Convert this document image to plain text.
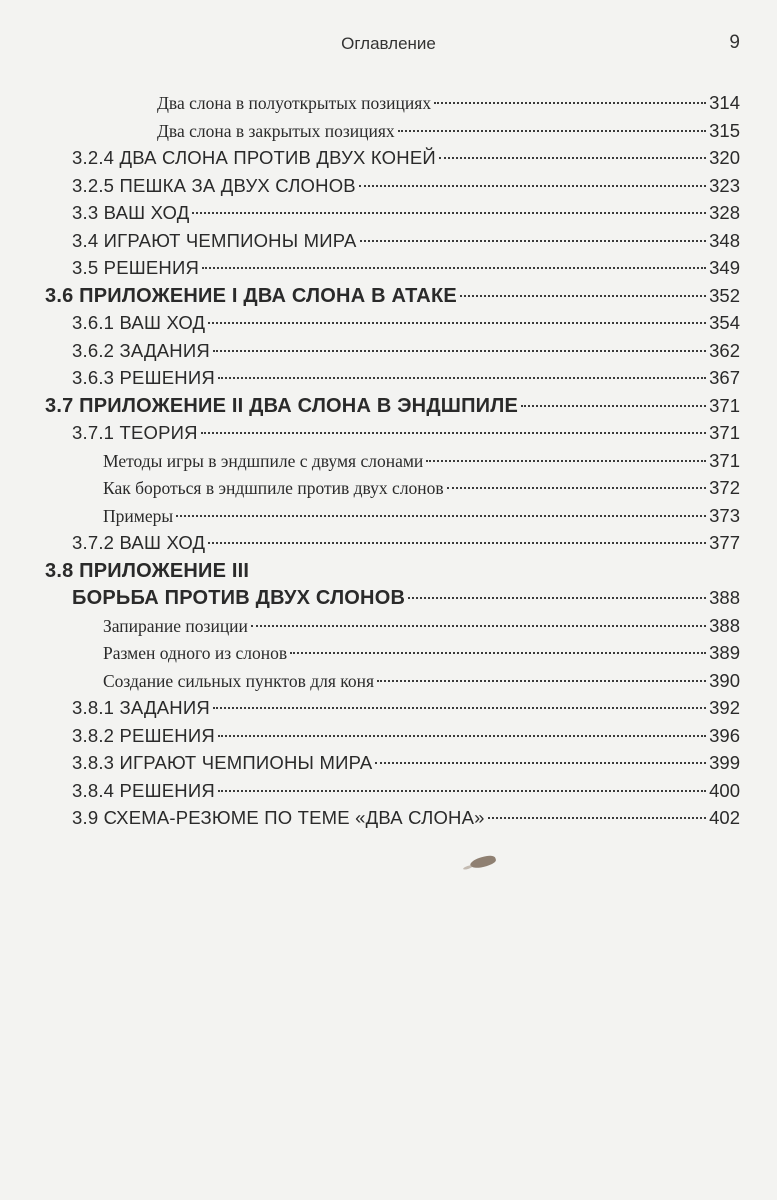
Оглавление	9
Два слона в полуоткрытых позициях	314
Два слона в закрытых позициях	315
3.2.4 ДВА СЛОНА ПРОТИВ ДВУХ КОНЕЙ	320
3.2.5 ПЕШКА ЗА ДВУХ СЛОНОВ	323
3.3 ВАШ ХОД	328
3.4 ИГРАЮТ ЧЕМПИОНЫ МИРА	348
3.5 РЕШЕНИЯ	349
3.6 ПРИЛОЖЕНИЕ I ДВА СЛОНА В АТАКЕ	352
3.6.1 ВАШ ХОД	354
3.6.2 ЗАДАНИЯ	362
3.6.3 РЕШЕНИЯ	367
3.7 ПРИЛОЖЕНИЕ II ДВА СЛОНА В ЭНДШПИЛЕ	371
3.7.1 ТЕОРИЯ	371
Методы игры в эндшпиле с двумя слонами	371
Как бороться в эндшпиле против двух слонов	372
Примеры	373
3.7.2 ВАШ ХОД	377
3.8 ПРИЛОЖЕНИЕ III
БОРЬБА ПРОТИВ ДВУХ СЛОНОВ	388
Запирание позиции	388
Размен одного из слонов	389
Создание сильных пунктов для коня	390
3.8.1 ЗАДАНИЯ	392
3.8.2 РЕШЕНИЯ	396
3.8.3 ИГРАЮТ ЧЕМПИОНЫ МИРА	399
3.8.4 РЕШЕНИЯ	400
3.9 СХЕМА-РЕЗЮМЕ ПО ТЕМЕ «ДВА СЛОНА»	402
